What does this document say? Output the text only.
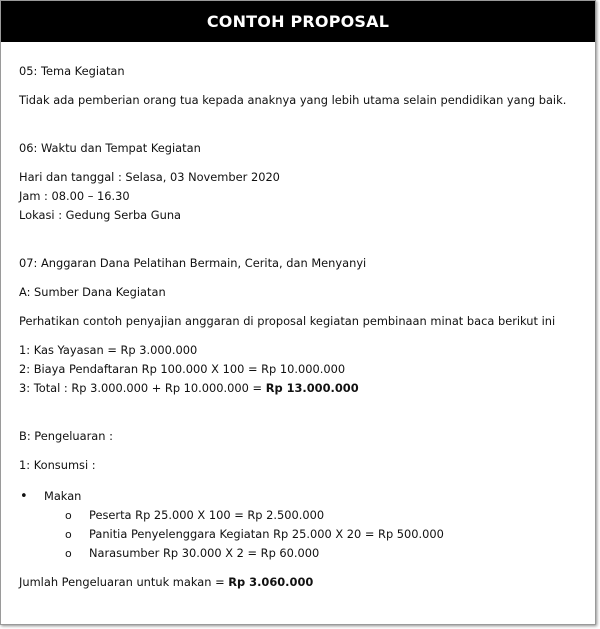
CONTOH PROPOSAL
05: Tema Kegiatan
Tidak ada pemberian orang tua kepada anaknya yang lebih utama selain pendidikan yang baik.
06: Waktu dan Tempat Kegiatan
Hari dan tanggal : Selasa, 03 November 2020
Jam : 08.00 – 16.30
Lokasi : Gedung Serba Guna
07: Anggaran Dana Pelatihan Bermain, Cerita, dan Menyanyi
A: Sumber Dana Kegiatan
Perhatikan contoh penyajian anggaran di proposal kegiatan pembinaan minat baca berikut ini
1: Kas Yayasan = Rp 3.000.000
2: Biaya Pendaftaran Rp 100.000 X 100 = Rp 10.000.000
3: Total : Rp 3.000.000 + Rp 10.000.000 = Rp 13.000.000
B: Pengeluaran :
1: Konsumsi :
•	Makan
o	Peserta Rp 25.000 X 100 = Rp 2.500.000
o	Panitia Penyelenggara Kegiatan Rp 25.000 X 20 = Rp 500.000
o	Narasumber Rp 30.000 X 2 = Rp 60.000
Jumlah Pengeluaran untuk makan = Rp 3.060.000
